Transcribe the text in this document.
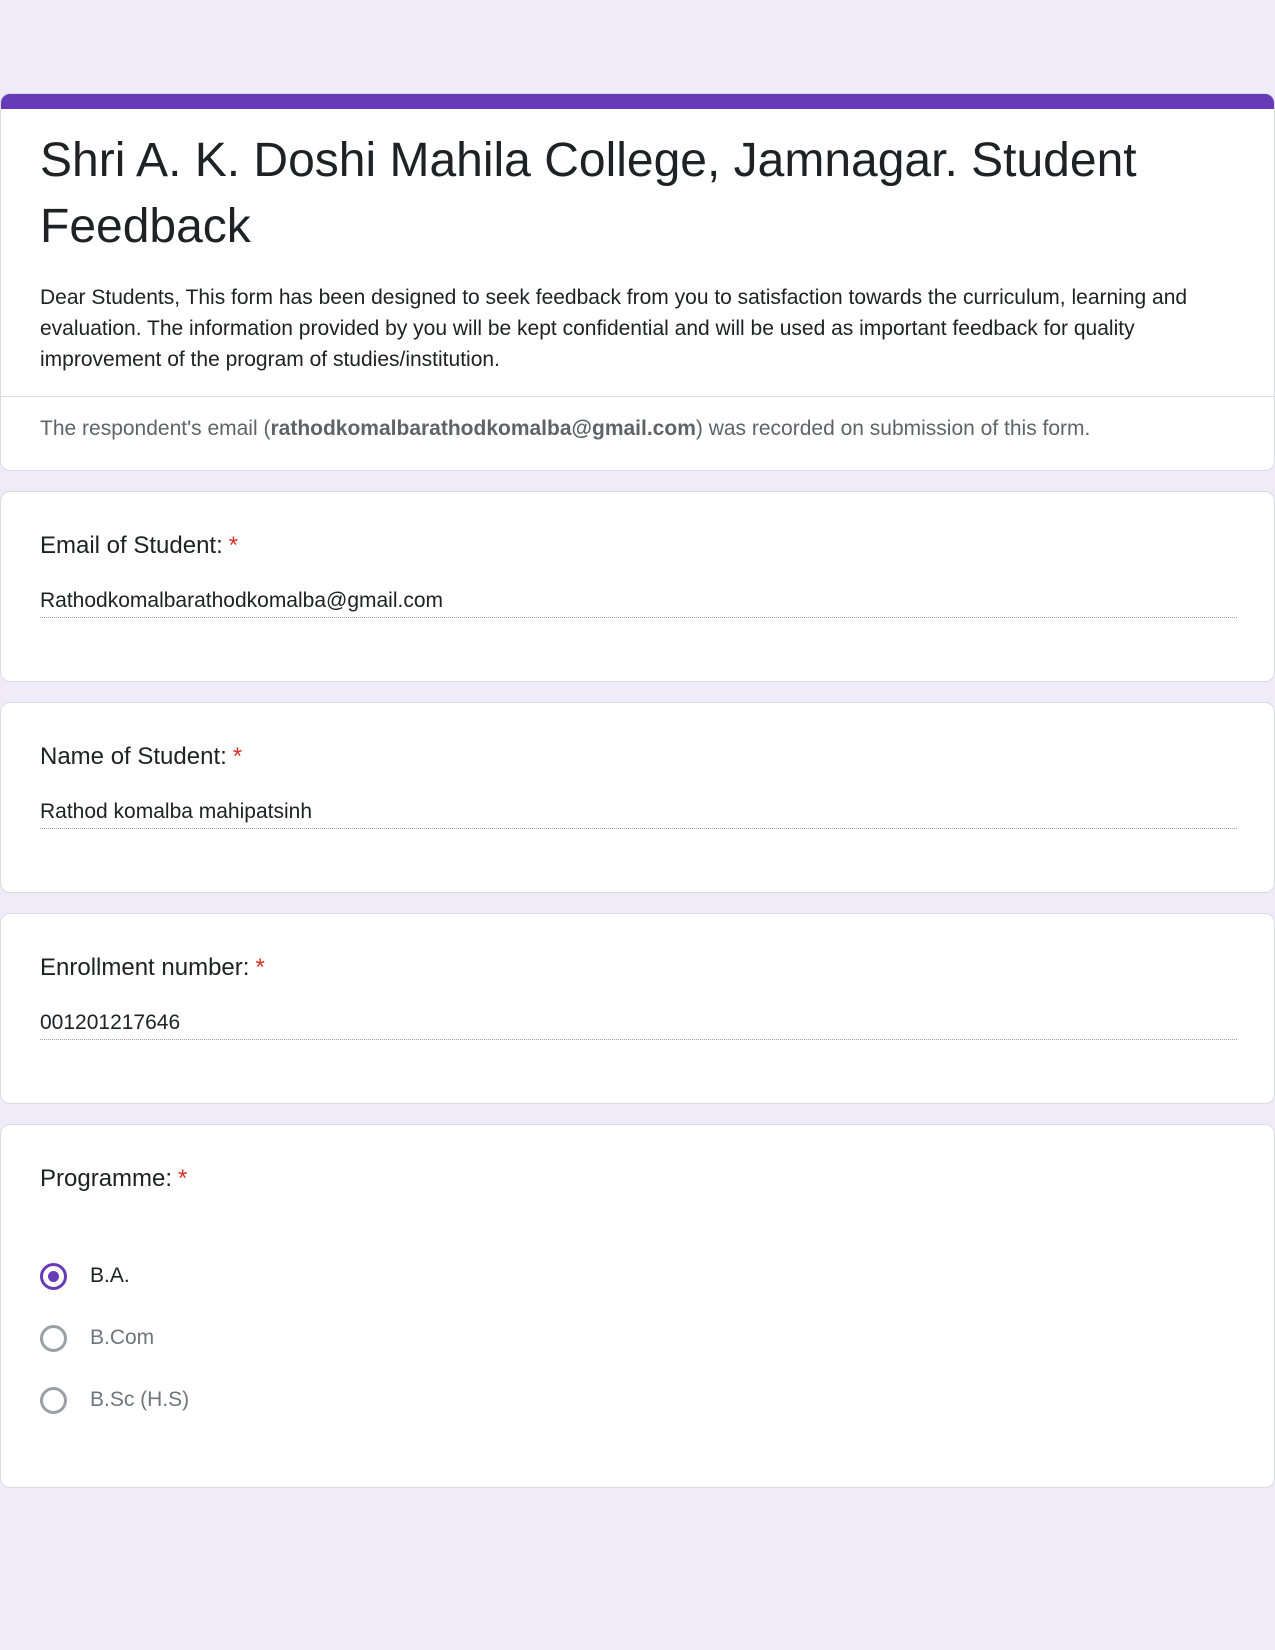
Shri A. K. Doshi Mahila College, Jamnagar. Student Feedback

Dear Students, This form has been designed to seek feedback from you to satisfaction towards the curriculum, learning and evaluation. The information provided by you will be kept confidential and will be used as important feedback for quality improvement of the program of studies/institution.

The respondent's email (rathodkomalbarathodkomalba@gmail.com) was recorded on submission of this form.

Email of Student: *
Rathodkomalbarathodkomalba@gmail.com
Name of Student: *
Rathod komalba mahipatsinh
Enrollment number: *
001201217646
Programme: *
B.A.
B.Com
B.Sc (H.S)
